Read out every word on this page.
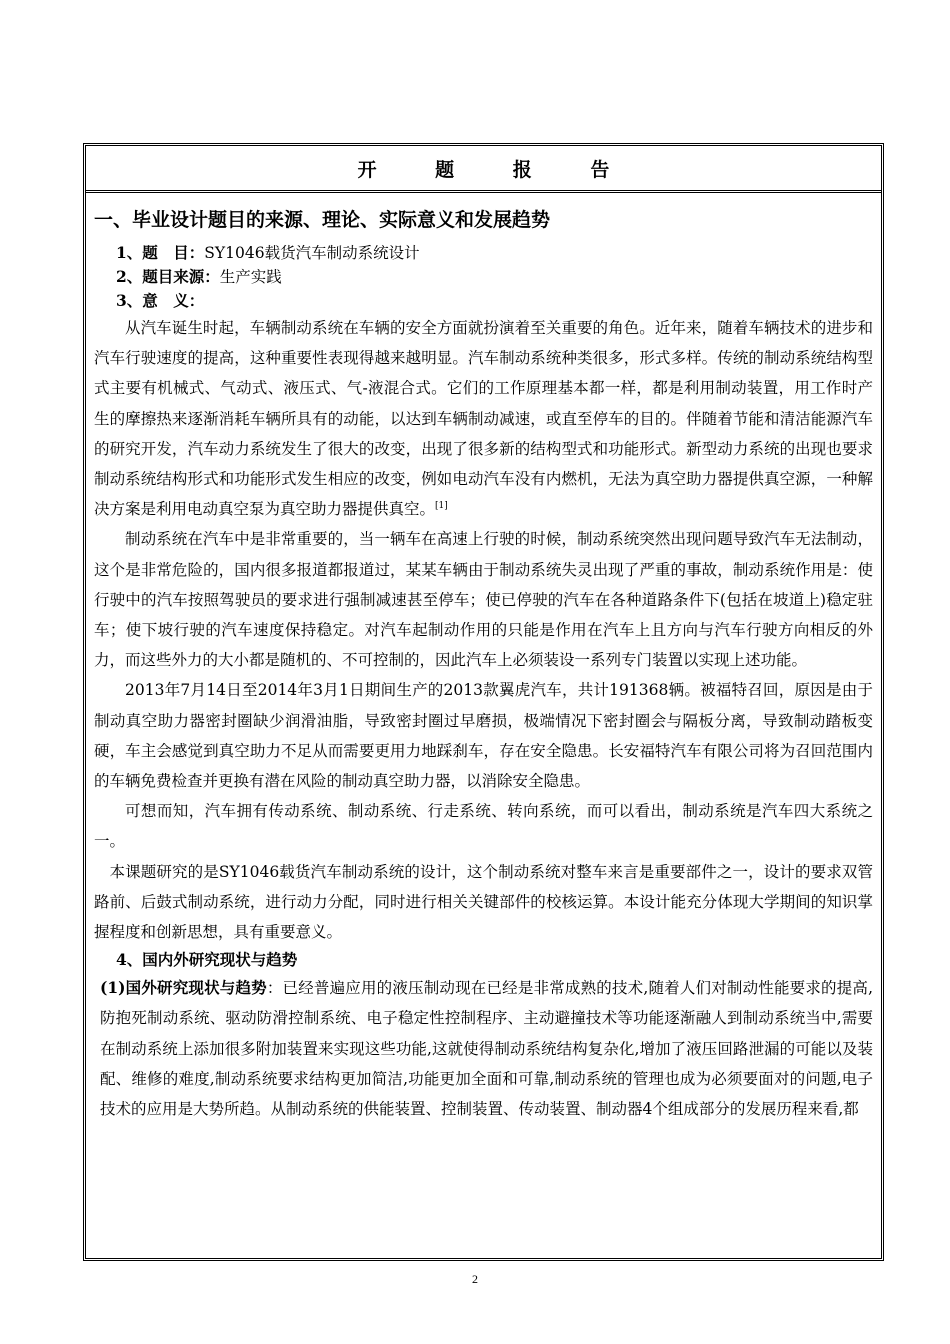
开 题 报 告
一、毕业设计题目的来源、理论、实际意义和发展趋势
1、题　目：SY1046载货汽车制动系统设计
2、题目来源：生产实践
3、意　义：

从汽车诞生时起，车辆制动系统在车辆的安全方面就扮演着至关重要的角色。近年来，随着车辆技术的进步和汽车行驶速度的提高，这种重要性表现得越来越明显。汽车制动系统种类很多，形式多样。传统的制动系统结构型式主要有机械式、气动式、液压式、气-液混合式。它们的工作原理基本都一样，都是利用制动装置，用工作时产生的摩擦热来逐渐消耗车辆所具有的动能，以达到车辆制动减速，或直至停车的目的。伴随着节能和清洁能源汽车的研究开发，汽车动力系统发生了很大的改变，出现了很多新的结构型式和功能形式。新型动力系统的出现也要求制动系统结构形式和功能形式发生相应的改变，例如电动汽车没有内燃机，无法为真空助力器提供真空源，一种解决方案是利用电动真空泵为真空助力器提供真空。[1]

制动系统在汽车中是非常重要的，当一辆车在高速上行驶的时候，制动系统突然出现问题导致汽车无法制动，这个是非常危险的，国内很多报道都报道过，某某车辆由于制动系统失灵出现了严重的事故，制动系统作用是：使行驶中的汽车按照驾驶员的要求进行强制减速甚至停车；使已停驶的汽车在各种道路条件下(包括在坡道上)稳定驻车；使下坡行驶的汽车速度保持稳定。对汽车起制动作用的只能是作用在汽车上且方向与汽车行驶方向相反的外力，而这些外力的大小都是随机的、不可控制的，因此汽车上必须装设一系列专门装置以实现上述功能。

2013年7月14日至2014年3月1日期间生产的2013款翼虎汽车，共计191368辆。被福特召回，原因是由于制动真空助力器密封圈缺少润滑油脂，导致密封圈过早磨损，极端情况下密封圈会与隔板分离，导致制动踏板变硬，车主会感觉到真空助力不足从而需要更用力地踩刹车，存在安全隐患。长安福特汽车有限公司将为召回范围内的车辆免费检查并更换有潜在风险的制动真空助力器，以消除安全隐患。

可想而知，汽车拥有传动系统、制动系统、行走系统、转向系统，而可以看出，制动系统是汽车四大系统之一。

本课题研究的是SY1046载货汽车制动系统的设计，这个制动系统对整车来言是重要部件之一，设计的要求双管路前、后鼓式制动系统，进行动力分配，同时进行相关关键部件的校核运算。本设计能充分体现大学期间的知识掌握程度和创新思想，具有重要意义。

4、国内外研究现状与趋势

(1)国外研究现状与趋势：已经普遍应用的液压制动现在已经是非常成熟的技术,随着人们对制动性能要求的提高,防抱死制动系统、驱动防滑控制系统、电子稳定性控制程序、主动避撞技术等功能逐渐融人到制动系统当中,需要在制动系统上添加很多附加装置来实现这些功能,这就使得制动系统结构复杂化,增加了液压回路泄漏的可能以及装配、维修的难度,制动系统要求结构更加简洁,功能更加全面和可靠,制动系统的管理也成为必须要面对的问题,电子技术的应用是大势所趋。从制动系统的供能装置、控制装置、传动装置、制动器4个组成部分的发展历程来看,都

2
